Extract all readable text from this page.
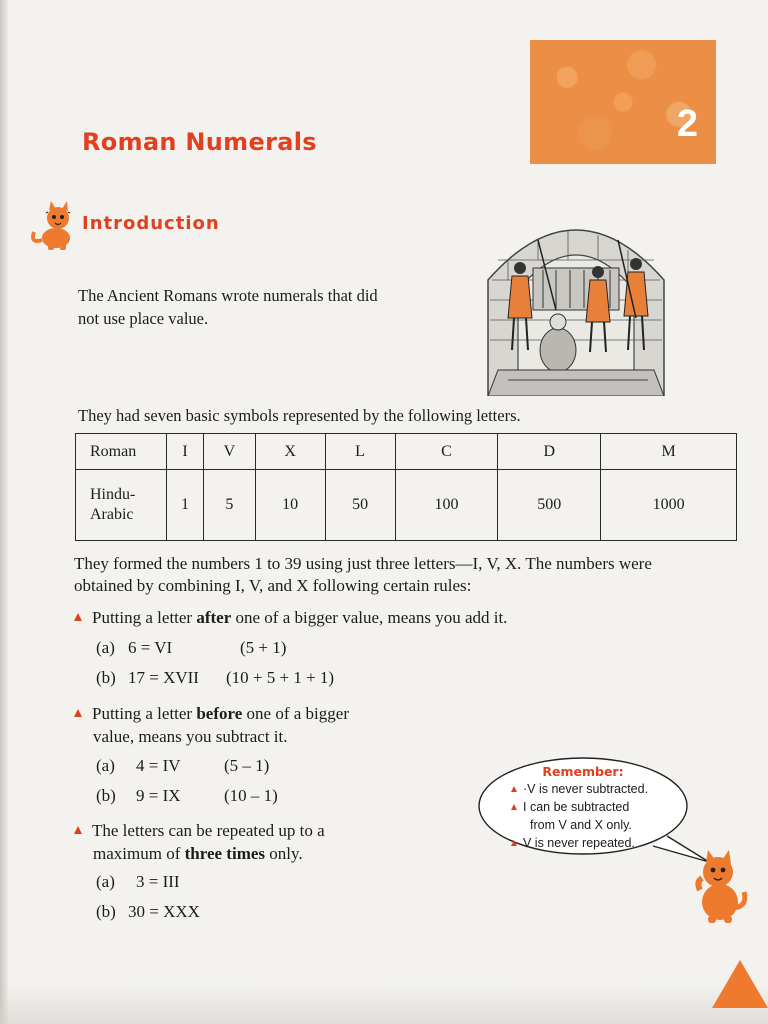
2
Roman Numerals
Introduction

The Ancient Romans wrote numerals that did
not use place value.

They had seven basic symbols represented by the following letters.

Roman	I	V	X	L	C	D	M
Hindu-
Arabic	1	5	10	50	100	500	1000

They formed the numbers 1 to 39 using just three letters—I, V, X. The numbers were
obtained by combining I, V, and X following certain rules:

Putting a letter after one of a bigger value, means you add it.

(a) 6 = VI	(5 + 1)

(b) 17 = XVII (10 + 5 + 1 + 1)

Putting a letter before one of a bigger
value, means you subtract it.

(a) 4 = IV	(5 – 1)

(b) 9 = IX	(10 – 1)

The letters can be repeated up to a
maximum of three times only.

(a) 3 = III

(b) 30 = XXX

Remember:

·V is never subtracted.

I can be subtracted

from V and X only.

V is never repeated.
